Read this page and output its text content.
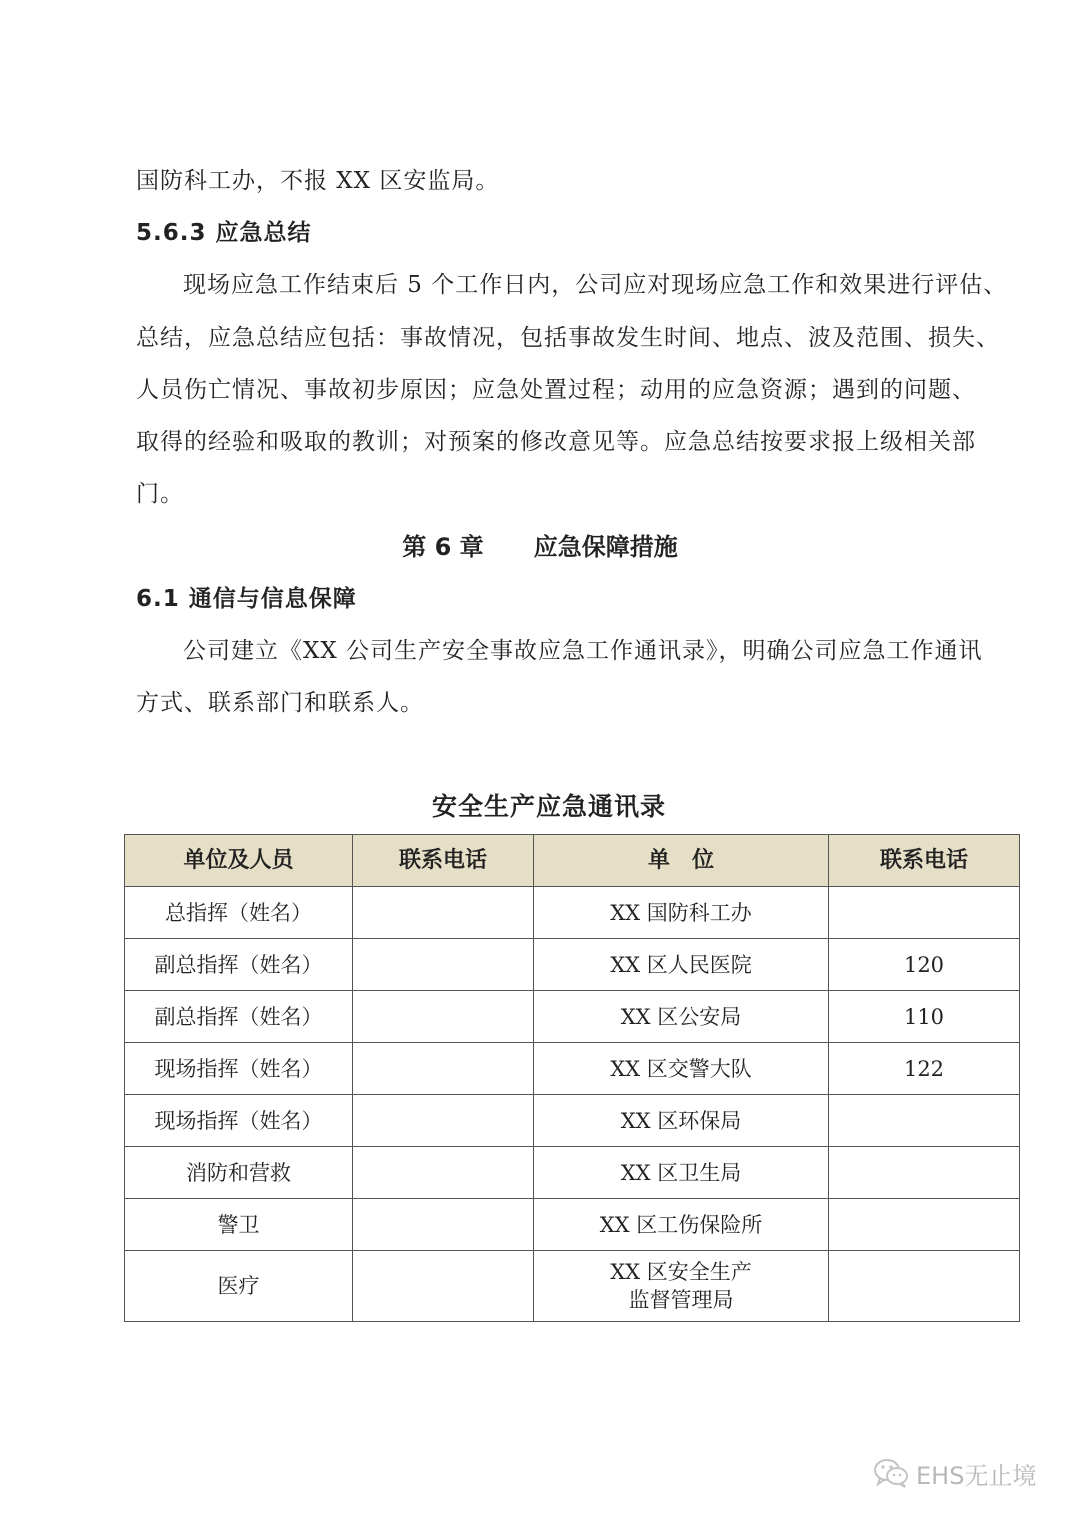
国防科工办，不报 XX 区安监局。
5.6.3 应急总结
现场应急工作结束后 5 个工作日内，公司应对现场应急工作和效果进行评估、
总结，应急总结应包括：事故情况，包括事故发生时间、地点、波及范围、损失、
人员伤亡情况、事故初步原因；应急处置过程；动用的应急资源；遇到的问题、
取得的经验和吸取的教训；对预案的修改意见等。应急总结按要求报上级相关部
门。
第 6 章      应急保障措施
6.1 通信与信息保障
公司建立《XX 公司生产安全事故应急工作通讯录》，明确公司应急工作通讯
方式、联系部门和联系人。
安全生产应急通讯录
单位及人员	联系电话	单　位	联系电话
总指挥（姓名）		XX 国防科工办	
副总指挥（姓名）		XX 区人民医院	120
副总指挥（姓名）		XX 区公安局	110
现场指挥（姓名）		XX 区交警大队	122
现场指挥（姓名）		XX 区环保局	
消防和营救		XX 区卫生局	
警卫		XX 区工伤保险所	
医疗		XX 区安全生产
监督管理局	

EHS无止境
